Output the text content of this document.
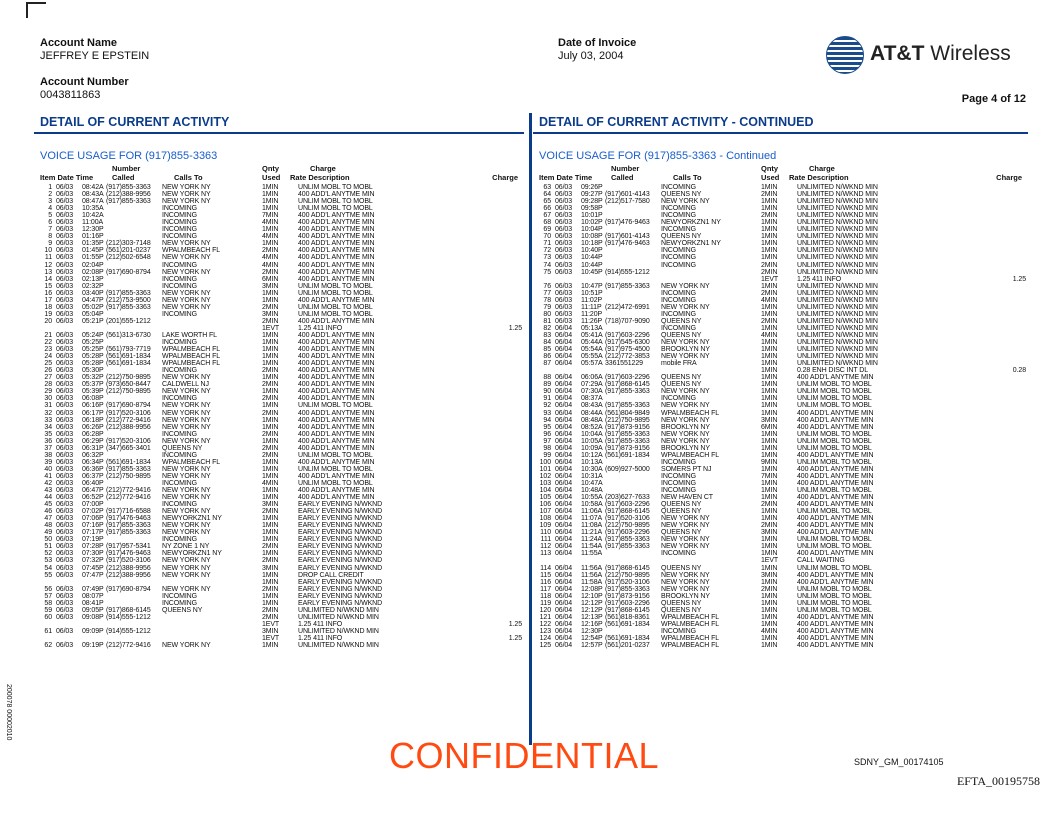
Account Name
JEFFREY E EPSTEIN
Account Number
0043811863
Date of Invoice
July 03, 2004	AT&T Wireless
Page 4 of 12
DETAIL OF CURRENT ACTIVITY
VOICE USAGE FOR (917)855-3363
Number	Qnty	Charge
Item Date Time	Called	Calls To	Used Rate Description	Charge
1 06/03 08:42A (917)855-3363 NEW YORK NY	1MIN	UNLIM MOBL TO MOBL
2 06/03 08:43A (212)388-9956 NEW YORK NY	1MIN	400 ADD'L ANYTME MIN
3 06/03 08:47A (917)855-3363 NEW YORK NY	1MIN	UNLIM MOBL TO MOBL
4 06/03 10:35A	INCOMING	1MIN	UNLIM MOBL TO MOBL
5 06/03 10:42A	INCOMING	7MIN	400 ADD'L ANYTME MIN
6 06/03 11:00A	INCOMING	4MIN	400 ADD'L ANYTME MIN
7 06/03 12:30P	INCOMING	1MIN	400 ADD'L ANYTME MIN
8 06/03 01:16P	INCOMING	4MIN	400 ADD'L ANYTME MIN
9 06/03 01:35P (212)303-7148 NEW YORK NY	1MIN	400 ADD'L ANYTME MIN
10 06/03 01:45P (561)201-0237 WPALMBEACH FL	2MIN	400 ADD'L ANYTME MIN
11 06/03 01:55P (212)502-6548 NEW YORK NY	4MIN	400 ADD'L ANYTME MIN
12 06/03 02:04P	INCOMING	4MIN	400 ADD'L ANYTME MIN
13 06/03 02:08P (917)690-8794 NEW YORK NY	2MIN	400 ADD'L ANYTME MIN
14 06/03 02:13P	INCOMING	6MIN	400 ADD'L ANYTME MIN
15 06/03 02:32P	INCOMING	3MIN	UNLIM MOBL TO MOBL
16 06/03 03:40P (917)855-3363 NEW YORK NY	1MIN	UNLIM MOBL TO MOBL
17 06/03 04:47P (212)753-9500 NEW YORK NY	1MIN	400 ADD'L ANYTME MIN
18 06/03 05:02P (917)855-3363 NEW YORK NY	2MIN	UNLIM MOBL TO MOBL
19 06/03 05:04P	INCOMING	3MIN	UNLIM MOBL TO MOBL
20 06/03 05:21P (201)555-1212	2MIN	400 ADD'L ANYTME MIN
1EVT	1.25 411 INFO	1.25
21 06/03 05:24P (561)313-6730 LAKE WORTH FL	1MIN	400 ADD'L ANYTME MIN
22 06/03 05:25P	INCOMING	1MIN	400 ADD'L ANYTME MIN
23 06/03 05:25P (561)793-7719 WPALMBEACH FL	1MIN	400 ADD'L ANYTME MIN
24 06/03 05:28P (561)691-1834 WPALMBEACH FL	1MIN	400 ADD'L ANYTME MIN
25 06/03 05:28P (561)691-1834 WPALMBEACH FL	1MIN	400 ADD'L ANYTME MIN
26 06/03 05:30P	INCOMING	2MIN	400 ADD'L ANYTME MIN
27 06/03 05:32P (212)750-9895 NEW YORK NY	1MIN	400 ADD'L ANYTME MIN
28 06/03 05:37P (973)650-8447 CALDWELL NJ	2MIN	400 ADD'L ANYTME MIN
29 06/03 05:39P (212)750-9895 NEW YORK NY	1MIN	400 ADD'L ANYTME MIN
30 06/03 06:08P	INCOMING	2MIN	400 ADD'L ANYTME MIN
31 06/03 06:16P (917)690-8794 NEW YORK NY	1MIN	UNLIM MOBL TO MOBL
32 06/03 06:17P (917)520-3106 NEW YORK NY	2MIN	400 ADD'L ANYTME MIN
33 06/03 06:18P (212)772-9416 NEW YORK NY	1MIN	400 ADD'L ANYTME MIN
34 06/03 06:26P (212)388-9956 NEW YORK NY	1MIN	400 ADD'L ANYTME MIN
35 06/03 06:28P	INCOMING	2MIN	400 ADD'L ANYTME MIN
36 06/03 06:29P (917)520-3106 NEW YORK NY	1MIN	400 ADD'L ANYTME MIN
37 06/03 06:31P (347)665-3401 QUEENS NY	2MIN	400 ADD'L ANYTME MIN
38 06/03 06:32P	INCOMING	2MIN	UNLIM MOBL TO MOBL
39 06/03 06:34P (561)691-1834 WPALMBEACH FL	1MIN	400 ADD'L ANYTME MIN
40 06/03 06:36P (917)855-3363 NEW YORK NY	1MIN	UNLIM MOBL TO MOBL
41 06/03 06:37P (212)750-9895 NEW YORK NY	1MIN	400 ADD'L ANYTME MIN
42 06/03 06:40P	INCOMING	4MIN	UNLIM MOBL TO MOBL
43 06/03 06:47P (212)772-9416 NEW YORK NY	1MIN	400 ADD'L ANYTME MIN
44 06/03 06:52P (212)772-9416 NEW YORK NY	1MIN	400 ADD'L ANYTME MIN
45 06/03 07:00P	INCOMING	3MIN	EARLY EVENING N/WKND
46 06/03 07:02P (917)716-6588 NEW YORK NY	2MIN	EARLY EVENING N/WKND
47 06/03 07:06P (917)476-9463 NEWYORKZN1 NY	1MIN	EARLY EVENING N/WKND
48 06/03 07:16P (917)855-3363 NEW YORK NY	1MIN	EARLY EVENING N/WKND
49 06/03 07:17P (917)855-3363 NEW YORK NY	1MIN	EARLY EVENING N/WKND
50 06/03 07:19P	INCOMING	1MIN	EARLY EVENING N/WKND
51 06/03 07:28P (917)957-5341 NY ZONE 1 NY	2MIN	EARLY EVENING N/WKND
52 06/03 07:30P (917)476-9463 NEWYORKZN1 NY	1MIN	EARLY EVENING N/WKND
53 06/03 07:32P (917)520-3106 NEW YORK NY	2MIN	EARLY EVENING N/WKND
54 06/03 07:45P (212)388-9956 NEW YORK NY	3MIN	EARLY EVENING N/WKND
55 06/03 07:47P (212)388-9956 NEW YORK NY	1MIN	DROP CALL CREDIT
1MIN	EARLY EVENING N/WKND
56 06/03 07:49P (917)690-8794 NEW YORK NY	2MIN	EARLY EVENING N/WKND
57 06/03 08:07P	INCOMING	1MIN	EARLY EVENING N/WKND
58 06/03 08:41P	INCOMING	1MIN	EARLY EVENING N/WKND
59 06/03 09:05P (917)868-6145 QUEENS NY	2MIN	UNLIMITED N/WKND MIN
60 06/03 09:08P (914)555-1212	2MIN	UNLIMITED N/WKND MIN
1EVT	1.25 411 INFO	1.25
61 06/03 09:09P (914)555-1212	3MIN	UNLIMITED N/WKND MIN
1EVT	1.25 411 INFO	1.25
62 06/03 09:19P (212)772-9416 NEW YORK NY	1MIN	UNLIMITED N/WKND MIN
DETAIL OF CURRENT ACTIVITY - CONTINUED
VOICE USAGE FOR (917)855-3363 - Continued
Number	Qnty	Charge
Item Date Time	Called	Calls To	Used Rate Description	Charge
63 06/03 09:26P	INCOMING	1MIN	UNLIMITED N/WKND MIN
64 06/03 09:27P (917)601-4143 QUEENS NY	2MIN	UNLIMITED N/WKND MIN
65 06/03 09:28P (212)517-7580 NEW YORK NY	1MIN	UNLIMITED N/WKND MIN
66 06/03 09:58P	INCOMING	1MIN	UNLIMITED N/WKND MIN
67 06/03 10:01P	INCOMING	2MIN	UNLIMITED N/WKND MIN
68 06/03 10:02P (917)476-9463 NEWYORKZN1 NY	1MIN	UNLIMITED N/WKND MIN
69 06/03 10:04P	INCOMING	1MIN	UNLIMITED N/WKND MIN
70 06/03 10:08P (917)601-4143 QUEENS NY	1MIN	UNLIMITED N/WKND MIN
71 06/03 10:18P (917)476-9463 NEWYORKZN1 NY	1MIN	UNLIMITED N/WKND MIN
72 06/03 10:40P	INCOMING	1MIN	UNLIMITED N/WKND MIN
73 06/03 10:44P	INCOMING	1MIN	UNLIMITED N/WKND MIN
74 06/03 10:44P	INCOMING	2MIN	UNLIMITED N/WKND MIN
75 06/03 10:45P (914)555-1212	2MIN	UNLIMITED N/WKND MIN
1EVT	1.25 411 INFO	1.25
76 06/03 10:47P (917)855-3363 NEW YORK NY	1MIN	UNLIMITED N/WKND MIN
77 06/03 10:51P	INCOMING	2MIN	UNLIMITED N/WKND MIN
78 06/03 11:02P	INCOMING	4MIN	UNLIMITED N/WKND MIN
79 06/03 11:11P (212)472-6991 NEW YORK NY	1MIN	UNLIMITED N/WKND MIN
80 06/03 11:20P	INCOMING	1MIN	UNLIMITED N/WKND MIN
81 06/03 11:26P (718)707-9090 QUEENS NY	2MIN	UNLIMITED N/WKND MIN
82 06/04 05:13A	INCOMING	1MIN	UNLIMITED N/WKND MIN
83 06/04 05:41A (917)603-2296 QUEENS NY	4MIN	UNLIMITED N/WKND MIN
84 06/04 05:44A (917)545-6300 NEW YORK NY	1MIN	UNLIMITED N/WKND MIN
85 06/04 05:54A (917)975-4500 BROOKLYN NY	1MIN	UNLIMITED N/WKND MIN
86 06/04 05:55A (212)772-3853 NEW YORK NY	1MIN	UNLIMITED N/WKND MIN
87 06/04 05:57A 3361551229	mobile FRA	1MIN	UNLIMITED N/WKND MIN
1MIN	0.28 ENH DISC INT DL	0.28
88 06/04 06:06A (917)603-2296 QUEENS NY	1MIN	400 ADD'L ANYTME MIN
89 06/04 07:29A (917)868-6145 QUEENS NY	1MIN	UNLIM MOBL TO MOBL
90 06/04 07:30A (917)855-3363 NEW YORK NY	1MIN	UNLIM MOBL TO MOBL
91 06/04 08:37A	INCOMING	1MIN	UNLIM MOBL TO MOBL
92 06/04 08:43A (917)855-3363 NEW YORK NY	1MIN	UNLIM MOBL TO MOBL
93 06/04 08:44A (561)804-9849 WPALMBEACH FL	1MIN	400 ADD'L ANYTME MIN
94 06/04 08:48A (212)750-9895 NEW YORK NY	3MIN	400 ADD'L ANYTME MIN
95 06/04 08:52A (917)873-9156 BROOKLYN NY	6MIN	400 ADD'L ANYTME MIN
96 06/04 10:04A (917)855-3363 NEW YORK NY	1MIN	UNLIM MOBL TO MOBL
97 06/04 10:05A (917)855-3363 NEW YORK NY	1MIN	UNLIM MOBL TO MOBL
98 06/04 10:09A (917)873-9156 BROOKLYN NY	1MIN	UNLIM MOBL TO MOBL
99 06/04 10:12A (561)691-1834 WPALMBEACH FL	1MIN	400 ADD'L ANYTME MIN
100 06/04 10:13A	INCOMING	9MIN	UNLIM MOBL TO MOBL
101 06/04 10:30A (609)927-5000 SOMERS PT NJ	1MIN	400 ADD'L ANYTME MIN
102 06/04 10:31A	INCOMING	7MIN	400 ADD'L ANYTME MIN
103 06/04 10:47A	INCOMING	1MIN	400 ADD'L ANYTME MIN
104 06/04 10:48A	INCOMING	1MIN	UNLIM MOBL TO MOBL
105 06/04 10:55A (203)627-7633 NEW HAVEN CT	1MIN	400 ADD'L ANYTME MIN
106 06/04 10:58A (917)603-2296 QUEENS NY	2MIN	400 ADD'L ANYTME MIN
107 06/04 11:06A (917)868-6145 QUEENS NY	1MIN	UNLIM MOBL TO MOBL
108 06/04 11:07A (917)520-3106 NEW YORK NY	1MIN	400 ADD'L ANYTME MIN
109 06/04 11:08A (212)750-9895 NEW YORK NY	2MIN	400 ADD'L ANYTME MIN
110 06/04 11:21A (917)603-2296 QUEENS NY	3MIN	400 ADD'L ANYTME MIN
111 06/04 11:24A (917)855-3363 NEW YORK NY	1MIN	UNLIM MOBL TO MOBL
112 06/04 11:54A (917)855-3363 NEW YORK NY	1MIN	UNLIM MOBL TO MOBL
113 06/04 11:55A	INCOMING	1MIN	400 ADD'L ANYTME MIN
1EVT	CALL WAITING
114 06/04 11:56A (917)868-6145 QUEENS NY	1MIN	UNLIM MOBL TO MOBL
115 06/04 11:56A (212)750-9895 NEW YORK NY	3MIN	400 ADD'L ANYTME MIN
116 06/04 11:58A (917)520-3106 NEW YORK NY	1MIN	400 ADD'L ANYTME MIN
117 06/04 12:08P (917)855-3363 NEW YORK NY	2MIN	UNLIM MOBL TO MOBL
118 06/04 12:10P (917)873-9156 BROOKLYN NY	1MIN	UNLIM MOBL TO MOBL
119 06/04 12:12P (917)603-2296 QUEENS NY	1MIN	UNLIM MOBL TO MOBL
120 06/04 12:12P (917)868-6145 QUEENS NY	1MIN	UNLIM MOBL TO MOBL
121 06/04 12:13P (561)818-8361 WPALMBEACH FL	1MIN	400 ADD'L ANYTME MIN
122 06/04 12:16P (561)691-1834 WPALMBEACH FL	1MIN	400 ADD'L ANYTME MIN
123 06/04 12:30P	INCOMING	4MIN	400 ADD'L ANYTME MIN
124 06/04 12:54P (561)691-1834 WPALMBEACH FL	1MIN	400 ADD'L ANYTME MIN
125 06/04 12:57P (561)201-0237 WPALMBEACH FL	1MIN	400 ADD'L ANYTME MIN
200078 00002010
CONFIDENTIAL	SDNY_GM_00174105
EFTA_00195758
